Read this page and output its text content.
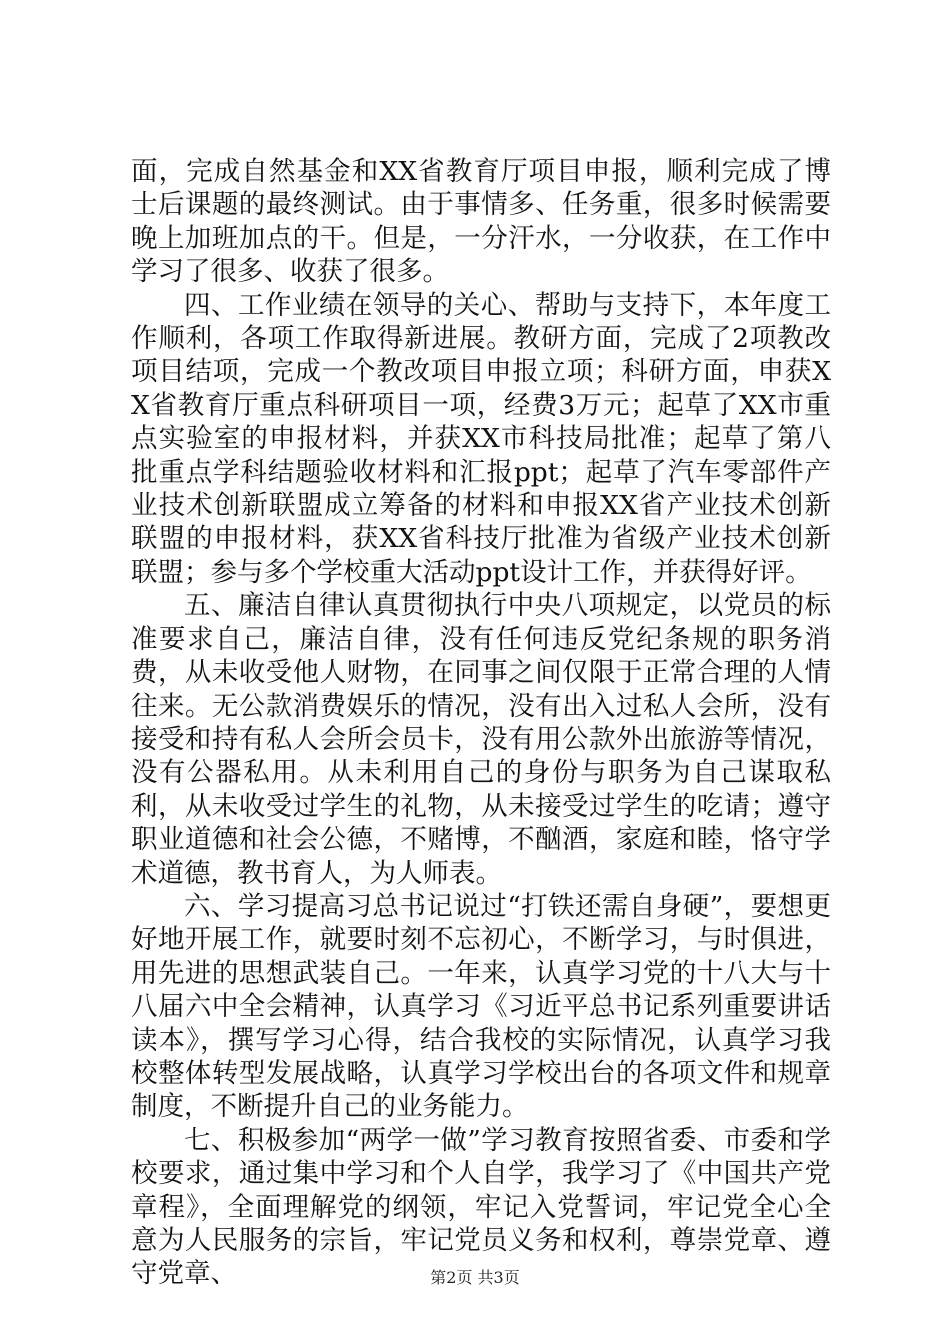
面，完成自然基金和XX省教育厅项目申报，顺利完成了博士后课题的最终测试。由于事情多、任务重，很多时候需要晚上加班加点的干。但是，一分汗水，一分收获，在工作中学习了很多、收获了很多。

四、工作业绩在领导的关心、帮助与支持下，本年度工作顺利，各项工作取得新进展。教研方面，完成了2项教改项目结项，完成一个教改项目申报立项；科研方面，申获XX省教育厅重点科研项目一项，经费3万元；起草了XX市重点实验室的申报材料，并获XX市科技局批准；起草了第八批重点学科结题验收材料和汇报ppt；起草了汽车零部件产业技术创新联盟成立筹备的材料和申报XX省产业技术创新联盟的申报材料，获XX省科技厅批准为省级产业技术创新联盟；参与多个学校重大活动ppt设计工作，并获得好评。

五、廉洁自律认真贯彻执行中央八项规定，以党员的标准要求自己，廉洁自律，没有任何违反党纪条规的职务消费，从未收受他人财物，在同事之间仅限于正常合理的人情往来。无公款消费娱乐的情况，没有出入过私人会所，没有接受和持有私人会所会员卡，没有用公款外出旅游等情况，没有公器私用。从未利用自己的身份与职务为自己谋取私利，从未收受过学生的礼物，从未接受过学生的吃请；遵守职业道德和社会公德，不赌博，不酗酒，家庭和睦，恪守学术道德，教书育人，为人师表。

六、学习提高习总书记说过“打铁还需自身硬”，要想更好地开展工作，就要时刻不忘初心，不断学习，与时俱进，用先进的思想武装自己。一年来，认真学习党的十八大与十八届六中全会精神，认真学习《习近平总书记系列重要讲话读本》，撰写学习心得，结合我校的实际情况，认真学习我校整体转型发展战略，认真学习学校出台的各项文件和规章制度，不断提升自己的业务能力。

七、积极参加“两学一做”学习教育按照省委、市委和学校要求，通过集中学习和个人自学，我学习了《中国共产党章程》，全面理解党的纲领，牢记入党誓词，牢记党全心全意为人民服务的宗旨，牢记党员义务和权利，尊崇党章、遵守党章、	第2页 共3页
